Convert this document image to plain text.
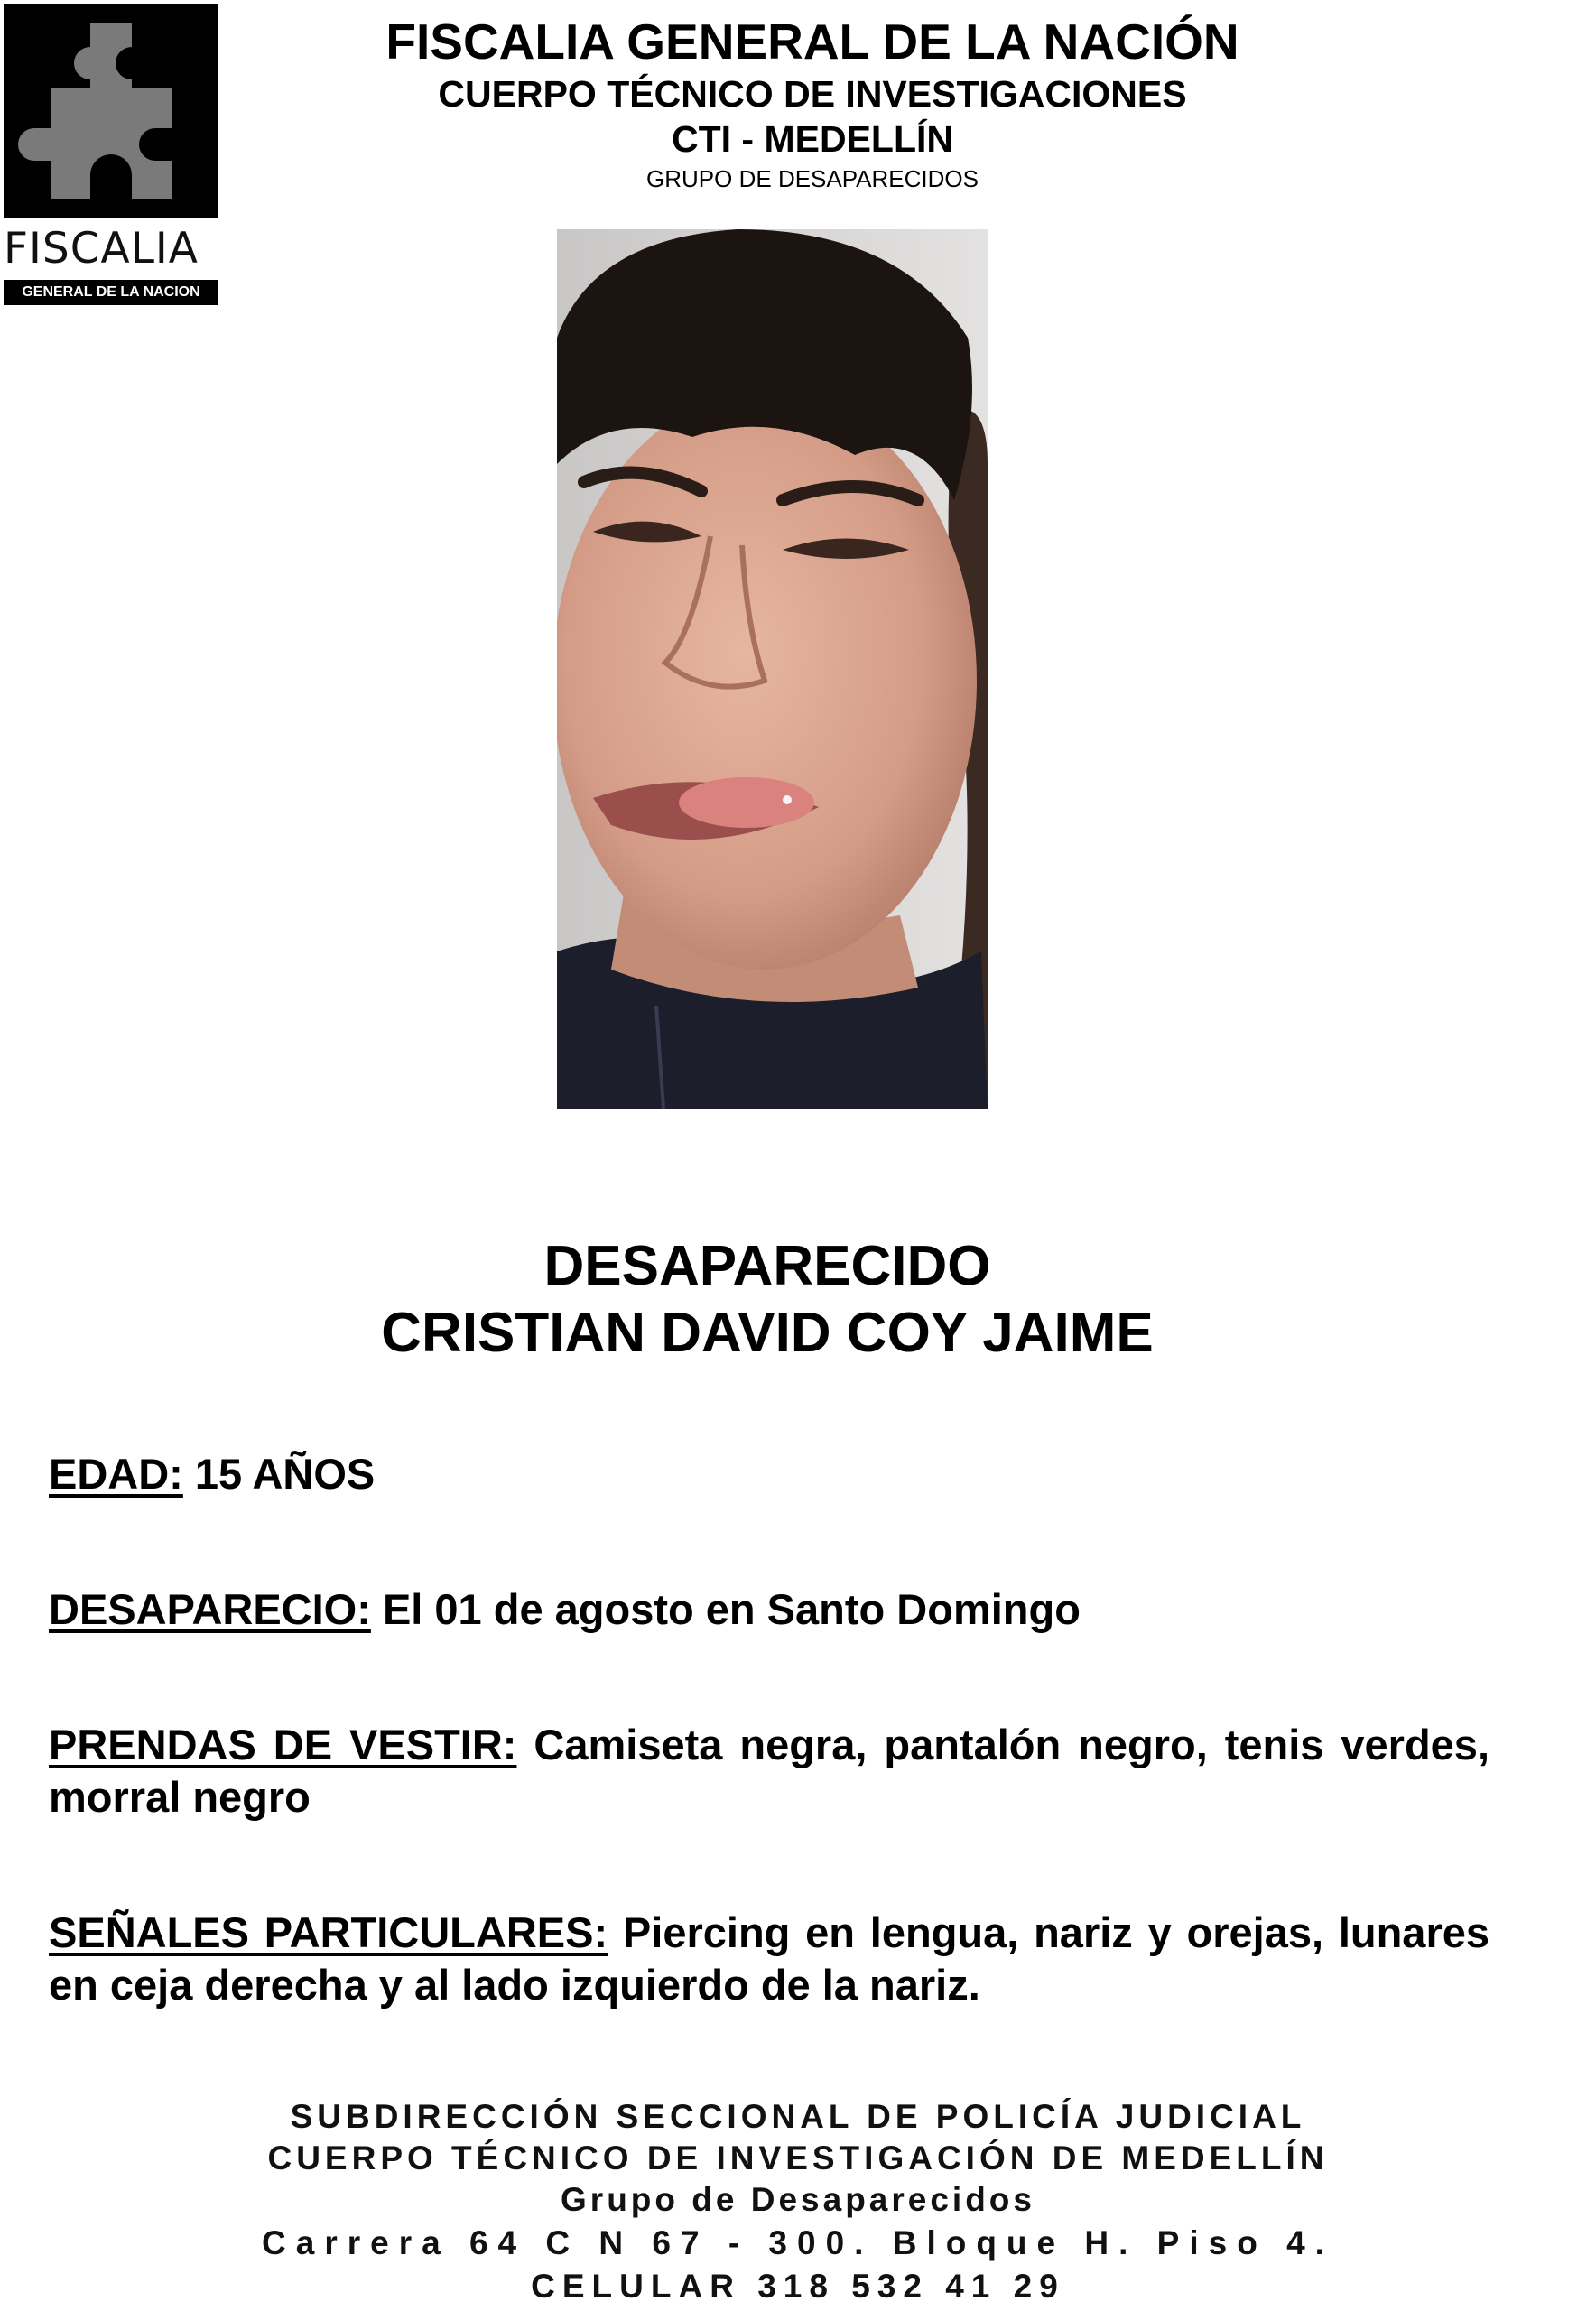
FISCALIA
GENERAL DE LA NACION
FISCALIA GENERAL DE LA NACIÓN
CUERPO TÉCNICO DE INVESTIGACIONES
CTI - MEDELLÍN
GRUPO DE DESAPARECIDOS
DESAPARECIDO
CRISTIAN DAVID COY JAIME
EDAD: 15 AÑOS
DESAPARECIO: El 01 de agosto en Santo Domingo
PRENDAS DE VESTIR: Camiseta negra, pantalón negro, tenis verdes, morral negro
SEÑALES PARTICULARES: Piercing en lengua, nariz y orejas, lunares en ceja derecha y al lado izquierdo de la nariz.
SUBDIRECCIÓN SECCIONAL DE POLICÍA JUDICIAL
CUERPO TÉCNICO DE INVESTIGACIÓN DE MEDELLÍN
Grupo de Desaparecidos
Carrera 64 C N 67 - 300. Bloque H. Piso 4.
CELULAR 318 532 41 29
